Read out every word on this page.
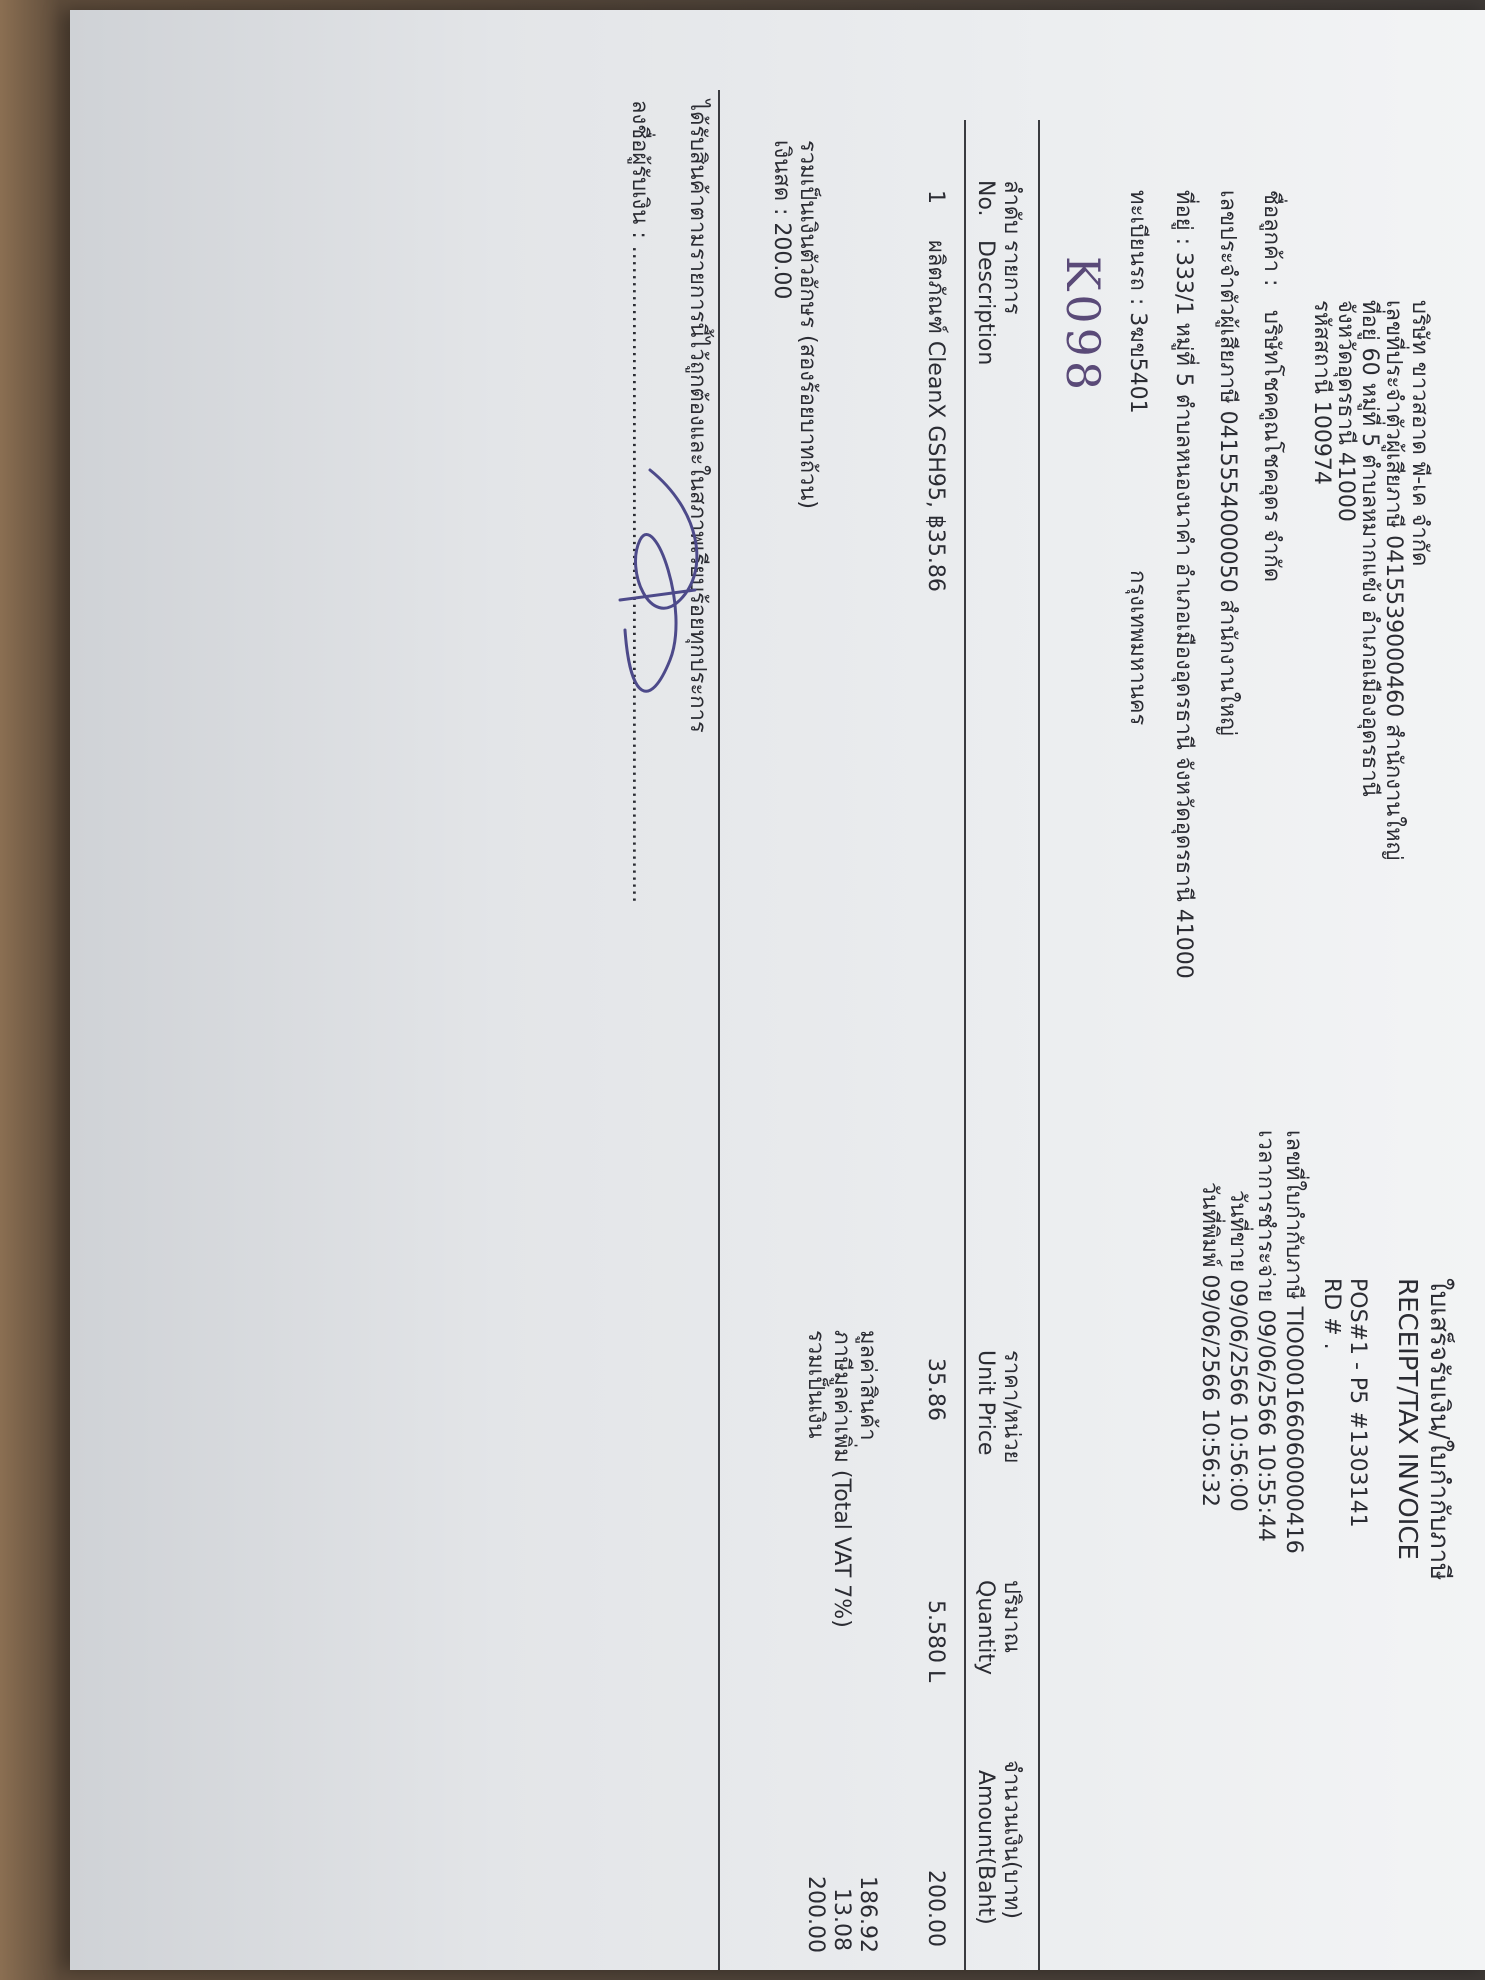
บริษัท ขาวสอาด พี-เค จำกัด
เลขที่ประจำตัวผู้เสียภาษี 0415539000460 สำนักงานใหญ่
ที่อยู่ 60 หมู่ที่ 5 ตำบลหมากแข้ง อำเภอเมืองอุดรธานี
จังหวัดอุดรธานี 41000
รหัสสถานี 100974
ใบเสร็จรับเงิน/ใบกำกับภาษี
RECEIPT/TAX INVOICE
POS#1 - P5 #1303141
RD # .
เลขที่ใบกำกับภาษี TIO000166060000416
เวลาการชำระจ่าย 09/06/2566 10:55:44
วันที่ขาย 09/06/2566 10:56:00
วันที่พิมพ์ 09/06/2566 10:56:32
ชื่อลูกค้า :
บริษัทโชคคูณโชคอุดร จำกัด
เลขประจำตัวผู้เสียภาษี 0415554000050 สำนักงานใหญ่
ที่อยู่ : 333/1 หมู่ที่ 5 ตำบลหนองนาคำ อำเภอเมืองอุดรธานี จังหวัดอุดรธานี 41000
ทะเบียนรถ : 3ฆข5401
กรุงเทพมหานคร
K098
ลำดับ
No.
รายการ
Description
ราคา/หน่วย
Unit Price
ปริมาณ
Quantity
จำนวนเงิน(บาท)
Amount(Baht)
1
ผลิตภัณฑ์ CleanX GSH95, ฿35.86
35.86
5.580 L
200.00
มูลค่าสินค้า
ภาษีมูลค่าเพิ่ม (Total VAT 7%)
รวมเป็นเงิน
186.92
13.08
200.00
รวมเป็นเงินตัวอักษร (สองร้อยบาทถ้วน)
เงินสด : 200.00
ได้รับสินค้าตามรายการนี้ไว้ถูกต้องและในสภาพเรียบร้อยทุกประการ
ลงชื่อผู้รับเงิน : ..............................................................................................
